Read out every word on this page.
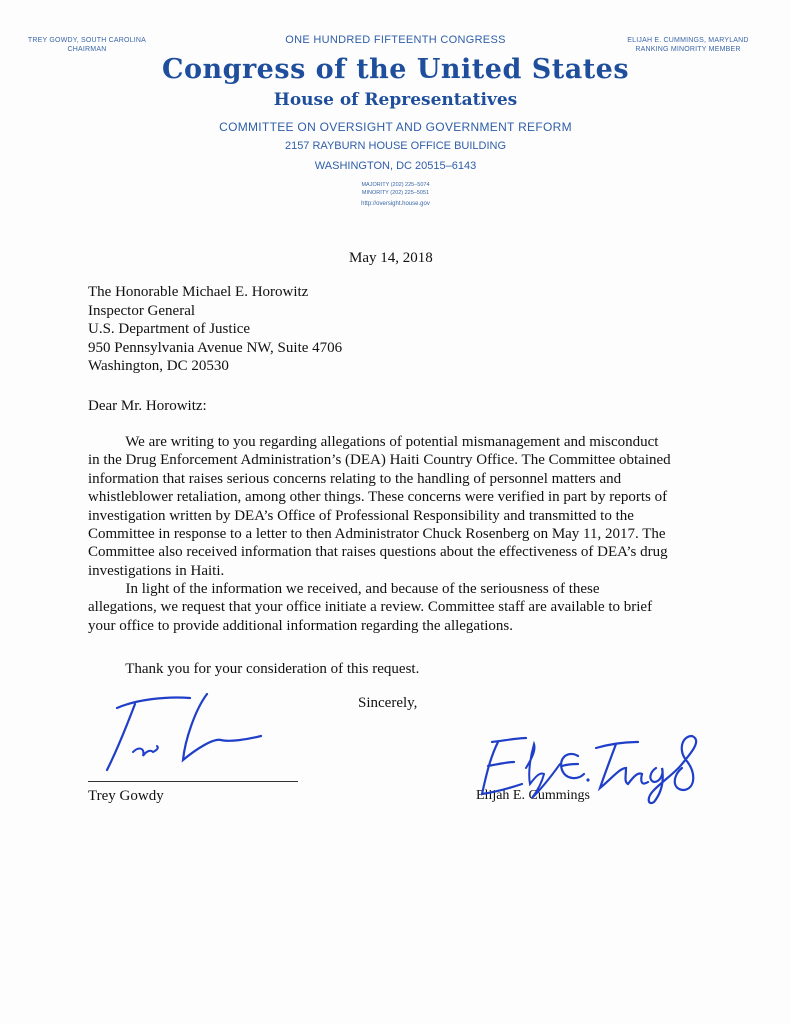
TREY GOWDY, SOUTH CAROLINA
CHAIRMAN
ELIJAH E. CUMMINGS, MARYLAND
RANKING MINORITY MEMBER
ONE HUNDRED FIFTEENTH CONGRESS
Congress of the United States
House of Representatives
COMMITTEE ON OVERSIGHT AND GOVERNMENT REFORM
2157 RAYBURN HOUSE OFFICE BUILDING
WASHINGTON, DC 20515–6143
MAJORITY (202) 225–5074
MINORITY (202) 225–5051
http://oversight.house.gov
May 14, 2018
The Honorable Michael E. Horowitz
Inspector General
U.S. Department of Justice
950 Pennsylvania Avenue NW, Suite 4706
Washington, DC 20530
Dear Mr. Horowitz:
We are writing to you regarding allegations of potential mismanagement and misconduct
in the Drug Enforcement Administration’s (DEA) Haiti Country Office. The Committee obtained
information that raises serious concerns relating to the handling of personnel matters and
whistleblower retaliation, among other things. These concerns were verified in part by reports of
investigation written by DEA’s Office of Professional Responsibility and transmitted to the
Committee in response to a letter to then Administrator Chuck Rosenberg on May 11, 2017. The
Committee also received information that raises questions about the effectiveness of DEA’s drug
investigations in Haiti.
In light of the information we received, and because of the seriousness of these
allegations, we request that your office initiate a review. Committee staff are available to brief
your office to provide additional information regarding the allegations.
Thank you for your consideration of this request.
Sincerely,
Trey Gowdy	Elijah E. Cummings
